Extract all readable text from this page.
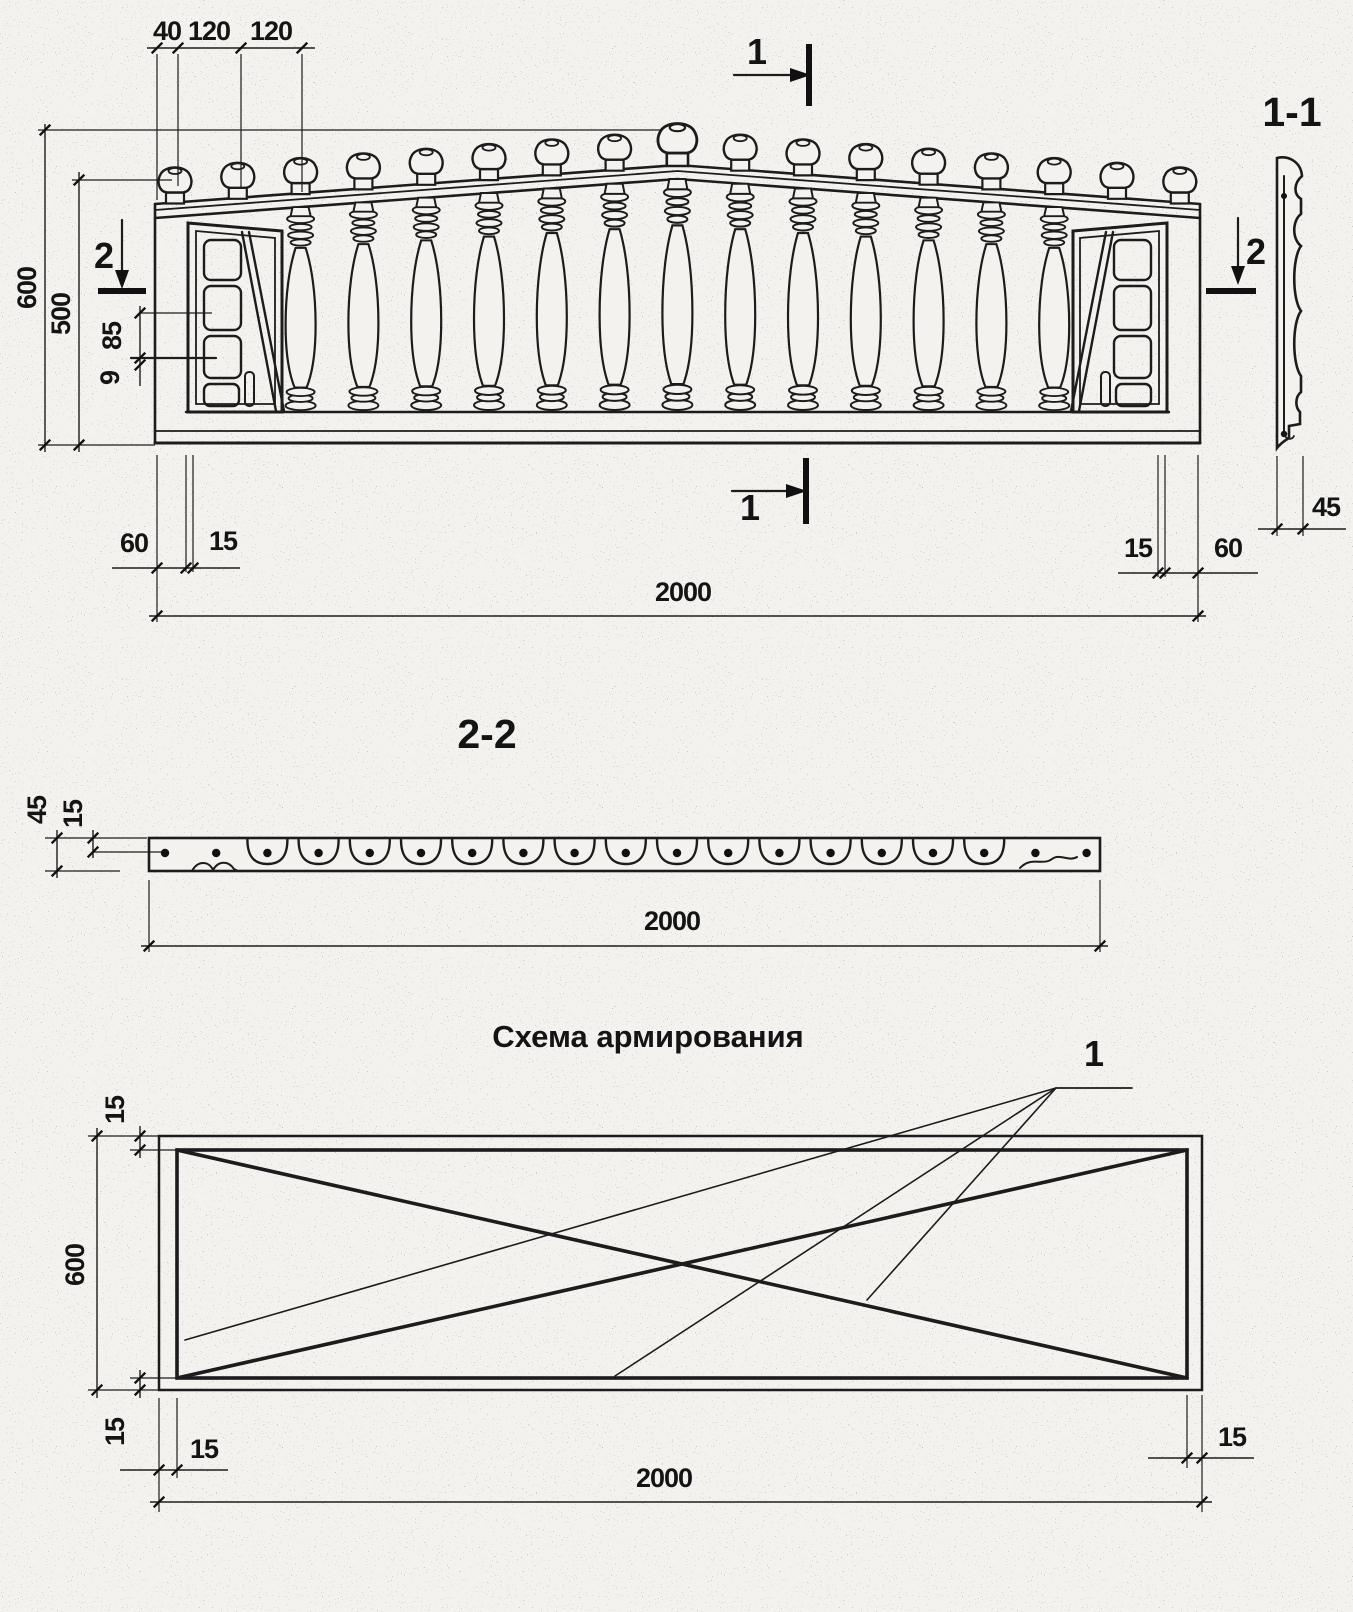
1
1
2	2
40 120 120
600
500
85
9
60 15	15 60
2000
1-1
45
2-2
45 15
2000
Схема армирования	1
600
15
15
15	15
2000
